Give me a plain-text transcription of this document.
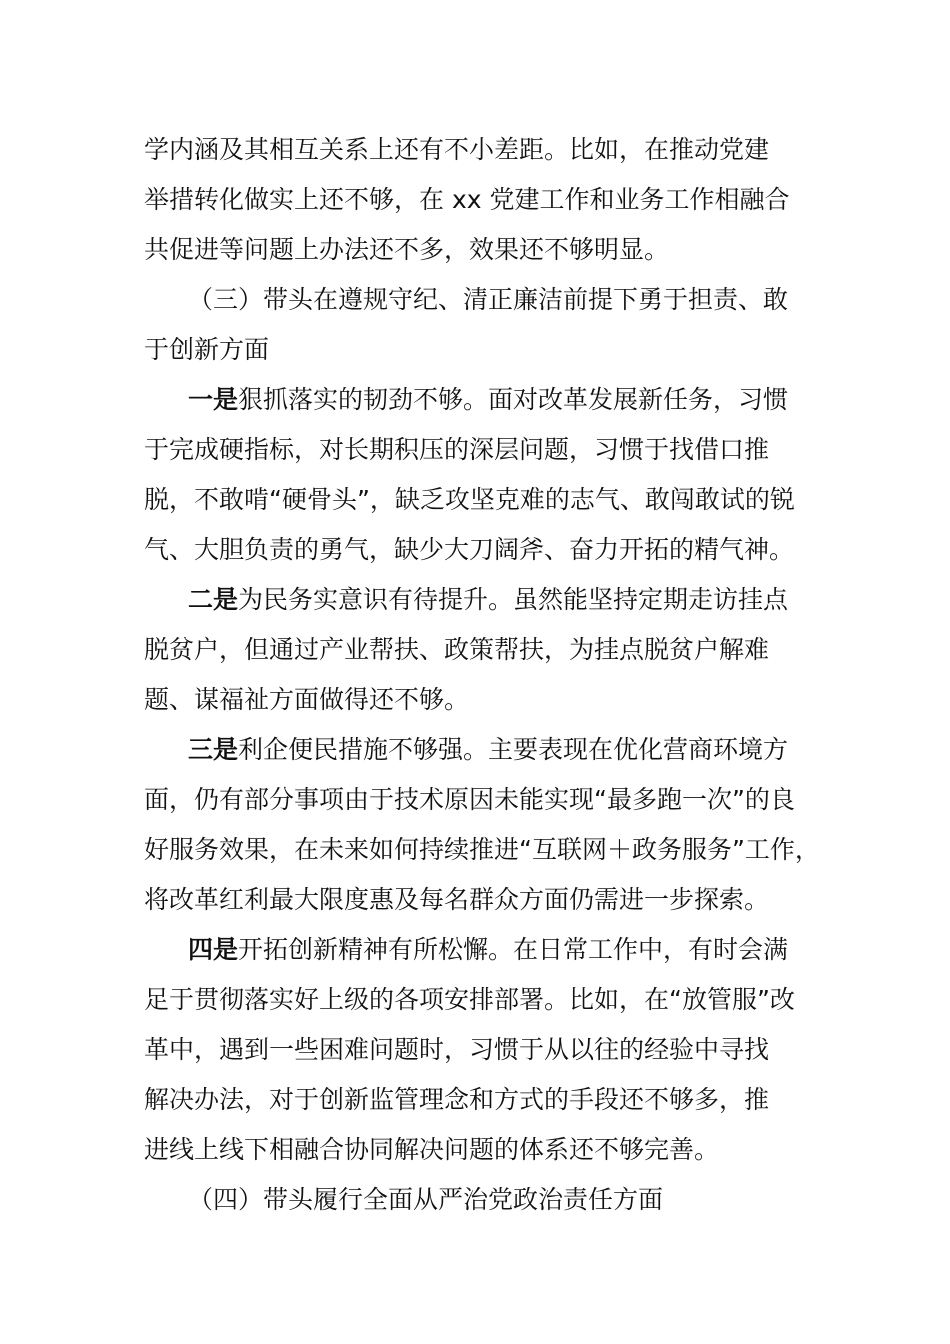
学内涵及其相互关系上还有不小差距。比如，在推动党建
举措转化做实上还不够，在 xx 党建工作和业务工作相融合
共促进等问题上办法还不多，效果还不够明显。
（三）带头在遵规守纪、清正廉洁前提下勇于担责、敢
于创新方面
一是狠抓落实的韧劲不够。面对改革发展新任务，习惯
于完成硬指标，对长期积压的深层问题，习惯于找借口推
脱，不敢啃“硬骨头”，缺乏攻坚克难的志气、敢闯敢试的锐
气、大胆负责的勇气，缺少大刀阔斧、奋力开拓的精气神。
二是为民务实意识有待提升。虽然能坚持定期走访挂点
脱贫户，但通过产业帮扶、政策帮扶，为挂点脱贫户解难
题、谋福祉方面做得还不够。
三是利企便民措施不够强。主要表现在优化营商环境方
面，仍有部分事项由于技术原因未能实现“最多跑一次”的良
好服务效果，在未来如何持续推进“互联网＋政务服务”工作，
将改革红利最大限度惠及每名群众方面仍需进一步探索。
四是开拓创新精神有所松懈。在日常工作中，有时会满
足于贯彻落实好上级的各项安排部署。比如，在“放管服”改
革中，遇到一些困难问题时，习惯于从以往的经验中寻找
解决办法，对于创新监管理念和方式的手段还不够多，推
进线上线下相融合协同解决问题的体系还不够完善。
（四）带头履行全面从严治党政治责任方面
